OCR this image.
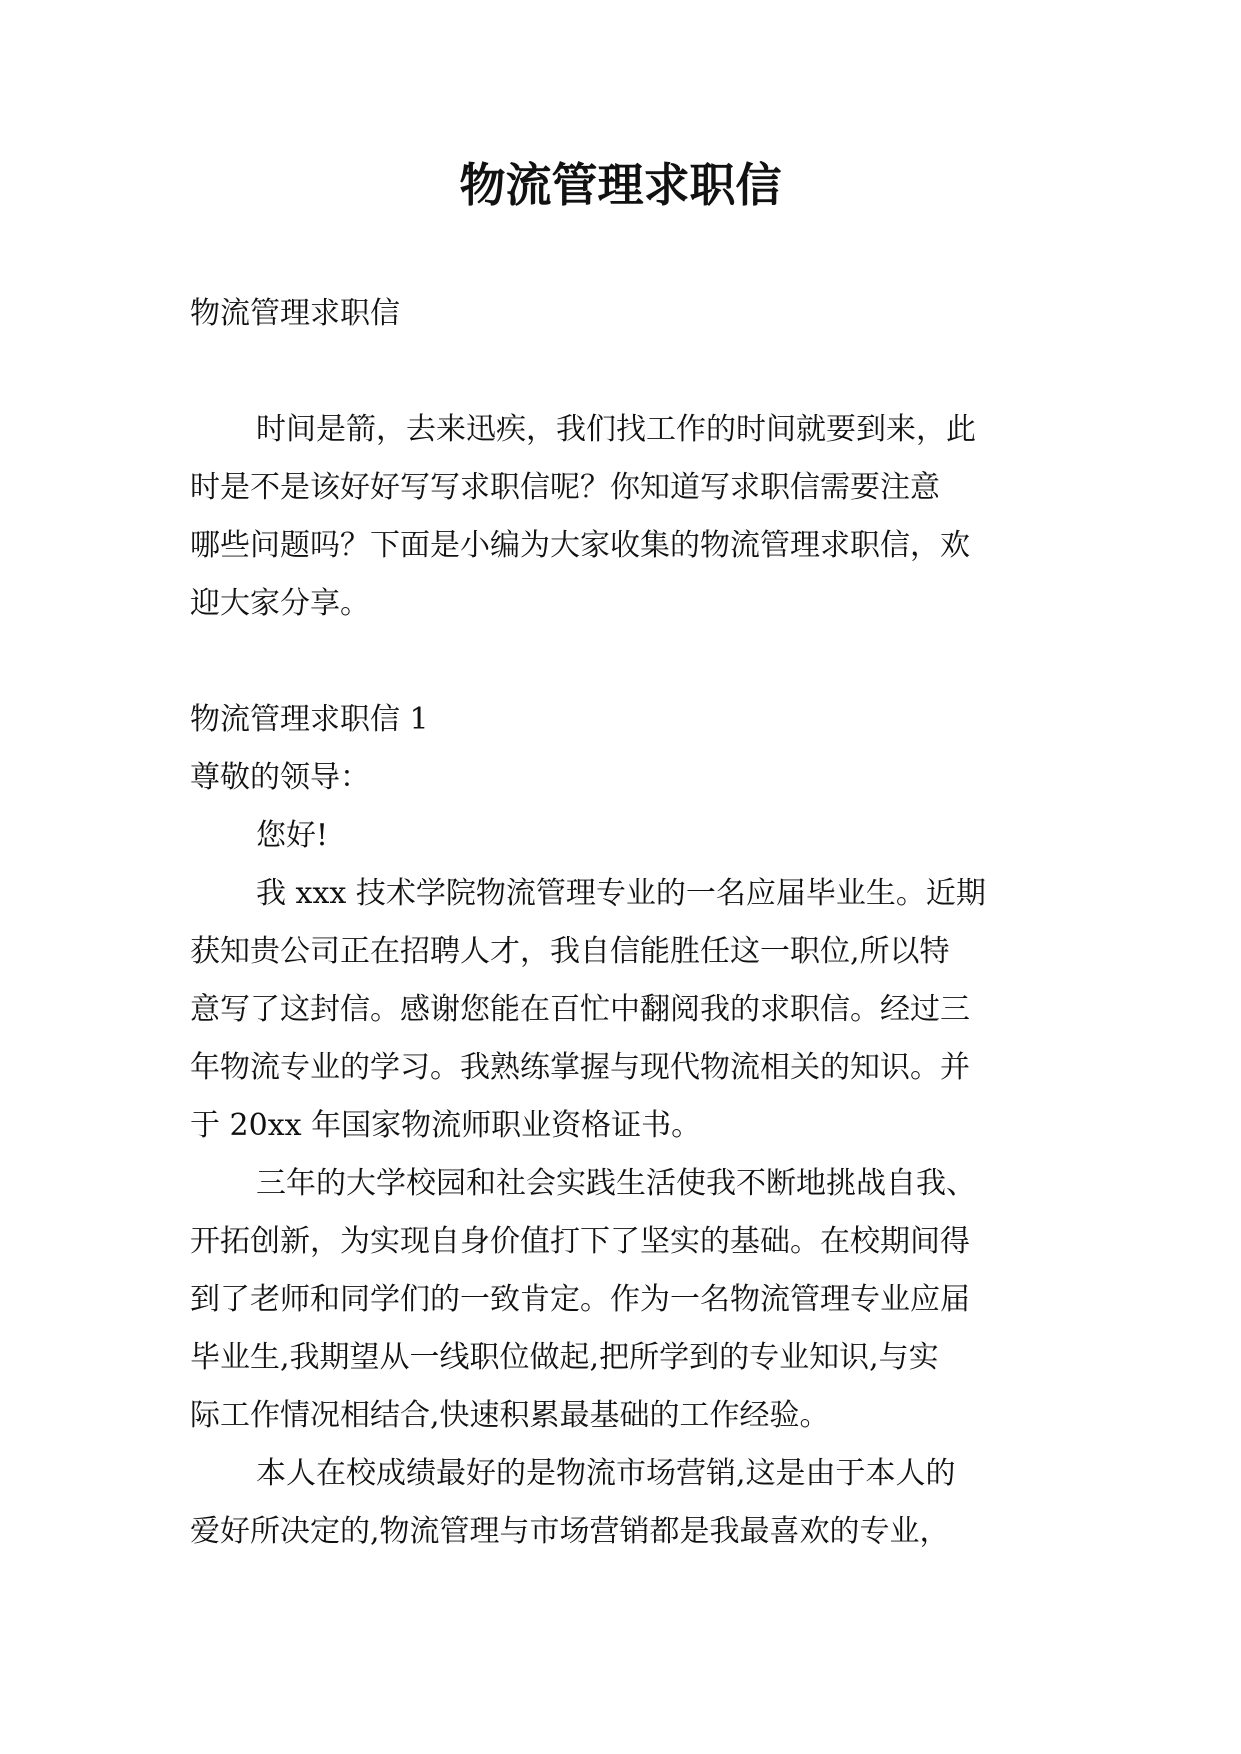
物流管理求职信
物流管理求职信
时间是箭，去来迅疾，我们找工作的时间就要到来，此
时是不是该好好写写求职信呢？你知道写求职信需要注意
哪些问题吗？下面是小编为大家收集的物流管理求职信，欢
迎大家分享。
物流管理求职信 1
尊敬的领导：
您好!
我 xxx 技术学院物流管理专业的一名应届毕业生。近期
获知贵公司正在招聘人才，我自信能胜任这一职位,所以特
意写了这封信。感谢您能在百忙中翻阅我的求职信。经过三
年物流专业的学习。我熟练掌握与现代物流相关的知识。并
于 20xx 年国家物流师职业资格证书。
三年的大学校园和社会实践生活使我不断地挑战自我、
开拓创新，为实现自身价值打下了坚实的基础。在校期间得
到了老师和同学们的一致肯定。作为一名物流管理专业应届
毕业生,我期望从一线职位做起,把所学到的专业知识,与实
际工作情况相结合,快速积累最基础的工作经验。
本人在校成绩最好的是物流市场营销,这是由于本人的
爱好所决定的,物流管理与市场营销都是我最喜欢的专业，
